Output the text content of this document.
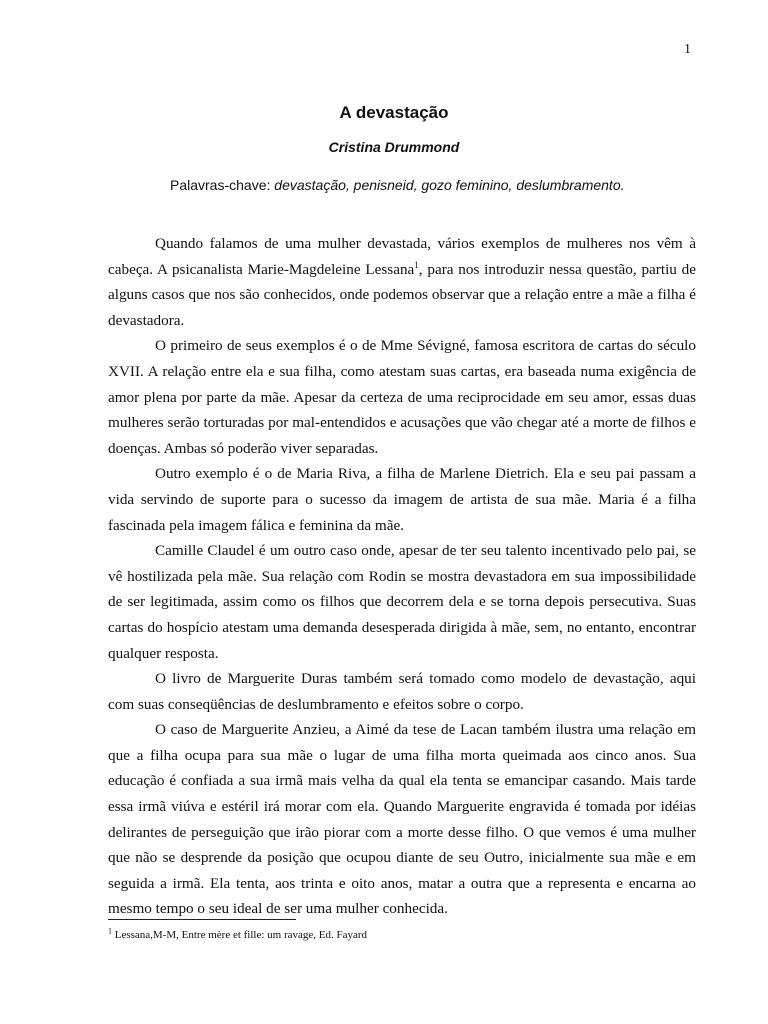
1
A devastação
Cristina Drummond
Palavras-chave: devastação, penisneid, gozo feminino, deslumbramento.

Quando falamos de uma mulher devastada, vários exemplos de mulheres nos vêm à cabeça. A psicanalista Marie-Magdeleine Lessana$^1$, para nos introduzir nessa questão, partiu de alguns casos que nos são conhecidos, onde podemos observar que a relação entre a mãe a filha é devastadora.

O primeiro de seus exemplos é o de Mme Sévigné, famosa escritora de cartas do século XVII. A relação entre ela e sua filha, como atestam suas cartas, era baseada numa exigência de amor plena por parte da mãe. Apesar da certeza de uma reciprocidade em seu amor, essas duas mulheres serão torturadas por mal-entendidos e acusações que vão chegar até a morte de filhos e doenças. Ambas só poderão viver separadas.

Outro exemplo é o de Maria Riva, a filha de Marlene Dietrich. Ela e seu pai passam a vida servindo de suporte para o sucesso da imagem de artista de sua mãe. Maria é a filha fascinada pela imagem fálica e feminina da mãe.

Camille Claudel é um outro caso onde, apesar de ter seu talento incentivado pelo pai, se vê hostilizada pela mãe. Sua relação com Rodin se mostra devastadora em sua impossibilidade de ser legitimada, assim como os filhos que decorrem dela e se torna depois persecutiva. Suas cartas do hospício atestam uma demanda desesperada dirigida à mãe, sem, no entanto, encontrar qualquer resposta.

O livro de Marguerite Duras também será tomado como modelo de devastação, aqui com suas conseqüências de deslumbramento e efeitos sobre o corpo.

O caso de Marguerite Anzieu, a Aimé da tese de Lacan também ilustra uma relação em que a filha ocupa para sua mãe o lugar de uma filha morta queimada aos cinco anos. Sua educação é confiada a sua irmã mais velha da qual ela tenta se emancipar casando. Mais tarde essa irmã viúva e estéril irá morar com ela. Quando Marguerite engravida é tomada por idéias delirantes de perseguição que irão piorar com a morte desse filho. O que vemos é uma mulher que não se desprende da posição que ocupou diante de seu Outro, inicialmente sua mãe e em seguida a irmã. Ela tenta, aos trinta e oito anos, matar a outra que a representa e encarna ao mesmo tempo o seu ideal de ser uma mulher conhecida.

$^1$ Lessana,M-M, Entre mère et fille: um ravage, Ed. Fayard
